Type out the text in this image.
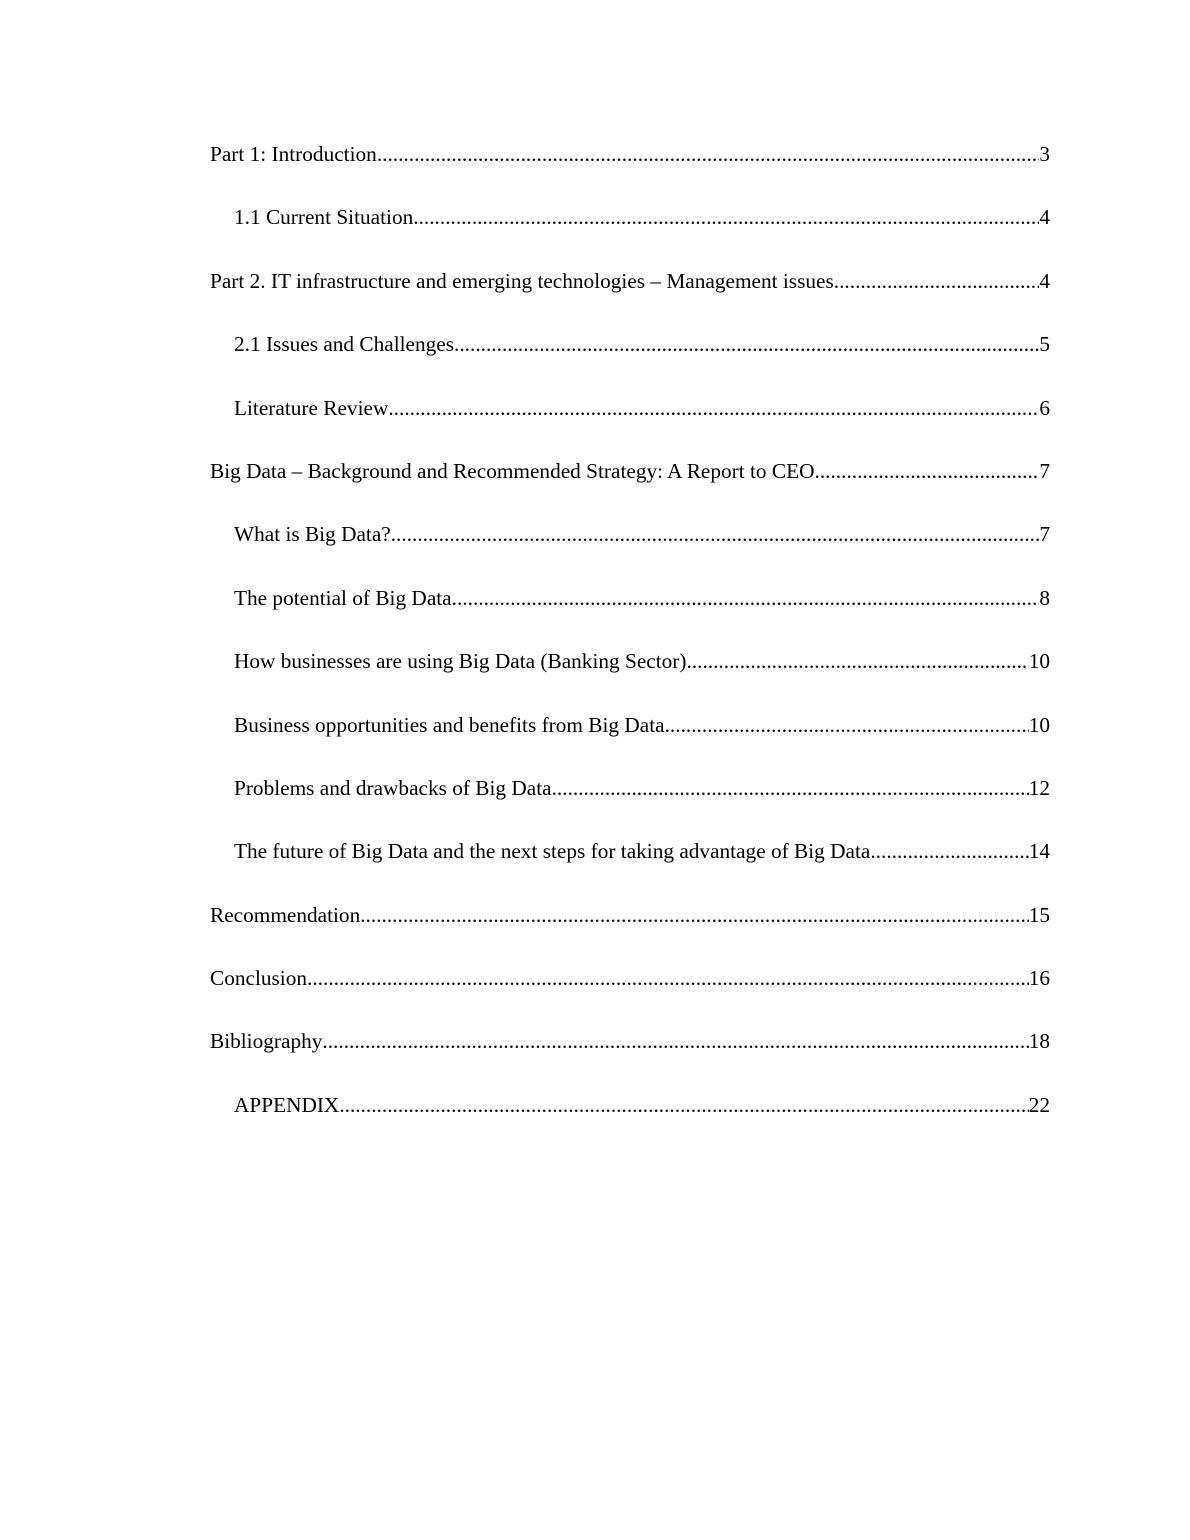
Part 1: Introduction .....	3
1.1 Current Situation .....	4
Part 2. IT infrastructure and emerging technologies – Management issues .....	4
2.1 Issues and Challenges .....	5
Literature Review .....	6
Big Data – Background and Recommended Strategy: A Report to CEO .....	7
What is Big Data? .....	7
The potential of Big Data .....	8
How businesses are using Big Data (Banking Sector) .....	10
Business opportunities and benefits from Big Data .....	10
Problems and drawbacks of Big Data .....	12
The future of Big Data and the next steps for taking advantage of Big Data .....	14
Recommendation .....	15
Conclusion .....	16
Bibliography .....	18
APPENDIX .....	22
